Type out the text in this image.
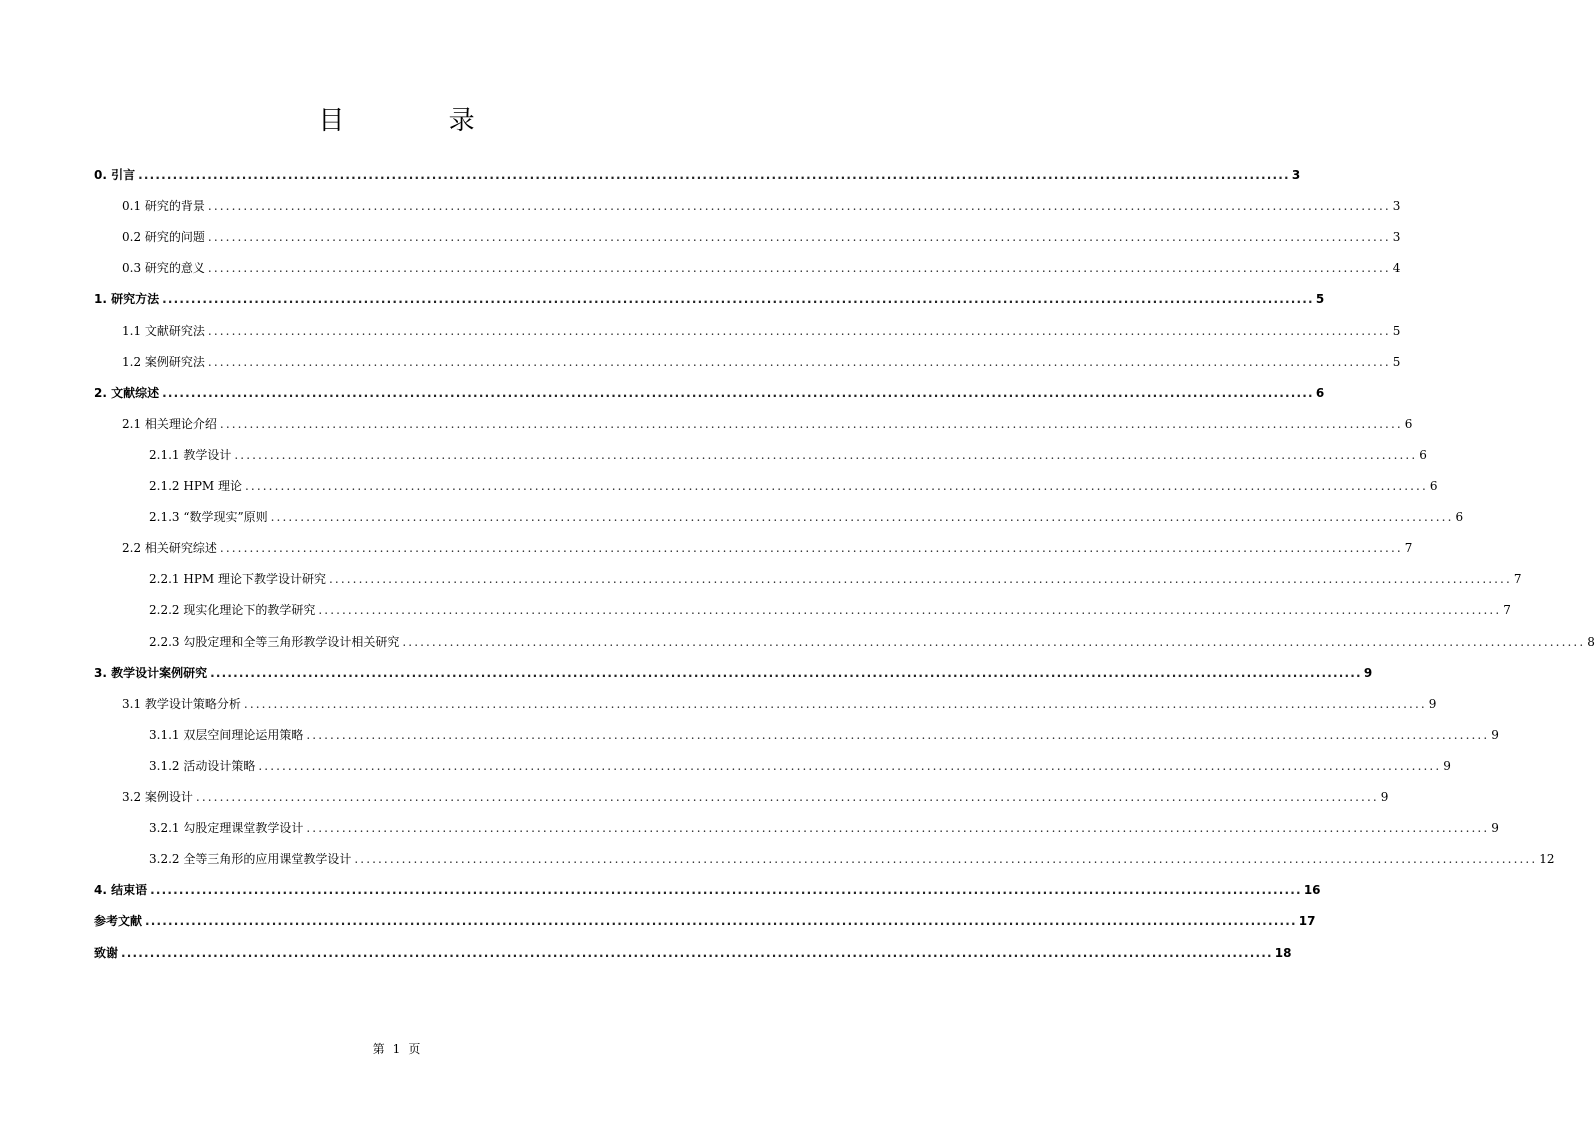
目 录
0. 引言 ........................................................................................................................................................................................................ 3
0.1 研究的背景 ........................................................................................................................................................................................................ 3
0.2 研究的问题 ........................................................................................................................................................................................................ 3
0.3 研究的意义 ........................................................................................................................................................................................................ 4
1. 研究方法 ........................................................................................................................................................................................................ 5
1.1 文献研究法 ........................................................................................................................................................................................................ 5
1.2 案例研究法 ........................................................................................................................................................................................................ 5
2. 文献综述 ........................................................................................................................................................................................................ 6
2.1 相关理论介绍 ........................................................................................................................................................................................................ 6
2.1.1 教学设计 ........................................................................................................................................................................................................ 6
2.1.2 HPM 理论 ........................................................................................................................................................................................................ 6
2.1.3 “数学现实”原则 ........................................................................................................................................................................................................ 6
2.2 相关研究综述 ........................................................................................................................................................................................................ 7
2.2.1 HPM 理论下教学设计研究 ........................................................................................................................................................................................................ 7
2.2.2 现实化理论下的教学研究 ........................................................................................................................................................................................................ 7
2.2.3 勾股定理和全等三角形教学设计相关研究 ........................................................................................................................................................................................................ 8
3. 教学设计案例研究 ........................................................................................................................................................................................................ 9
3.1 教学设计策略分析 ........................................................................................................................................................................................................ 9
3.1.1 双层空间理论运用策略 ........................................................................................................................................................................................................ 9
3.1.2 活动设计策略 ........................................................................................................................................................................................................ 9
3.2 案例设计 ........................................................................................................................................................................................................ 9
3.2.1 勾股定理课堂教学设计 ........................................................................................................................................................................................................ 9
3.2.2 全等三角形的应用课堂教学设计 ........................................................................................................................................................................................................ 12
4. 结束语 ........................................................................................................................................................................................................ 16
参考文献 ........................................................................................................................................................................................................ 17
致谢 ........................................................................................................................................................................................................ 18
第 1 页
